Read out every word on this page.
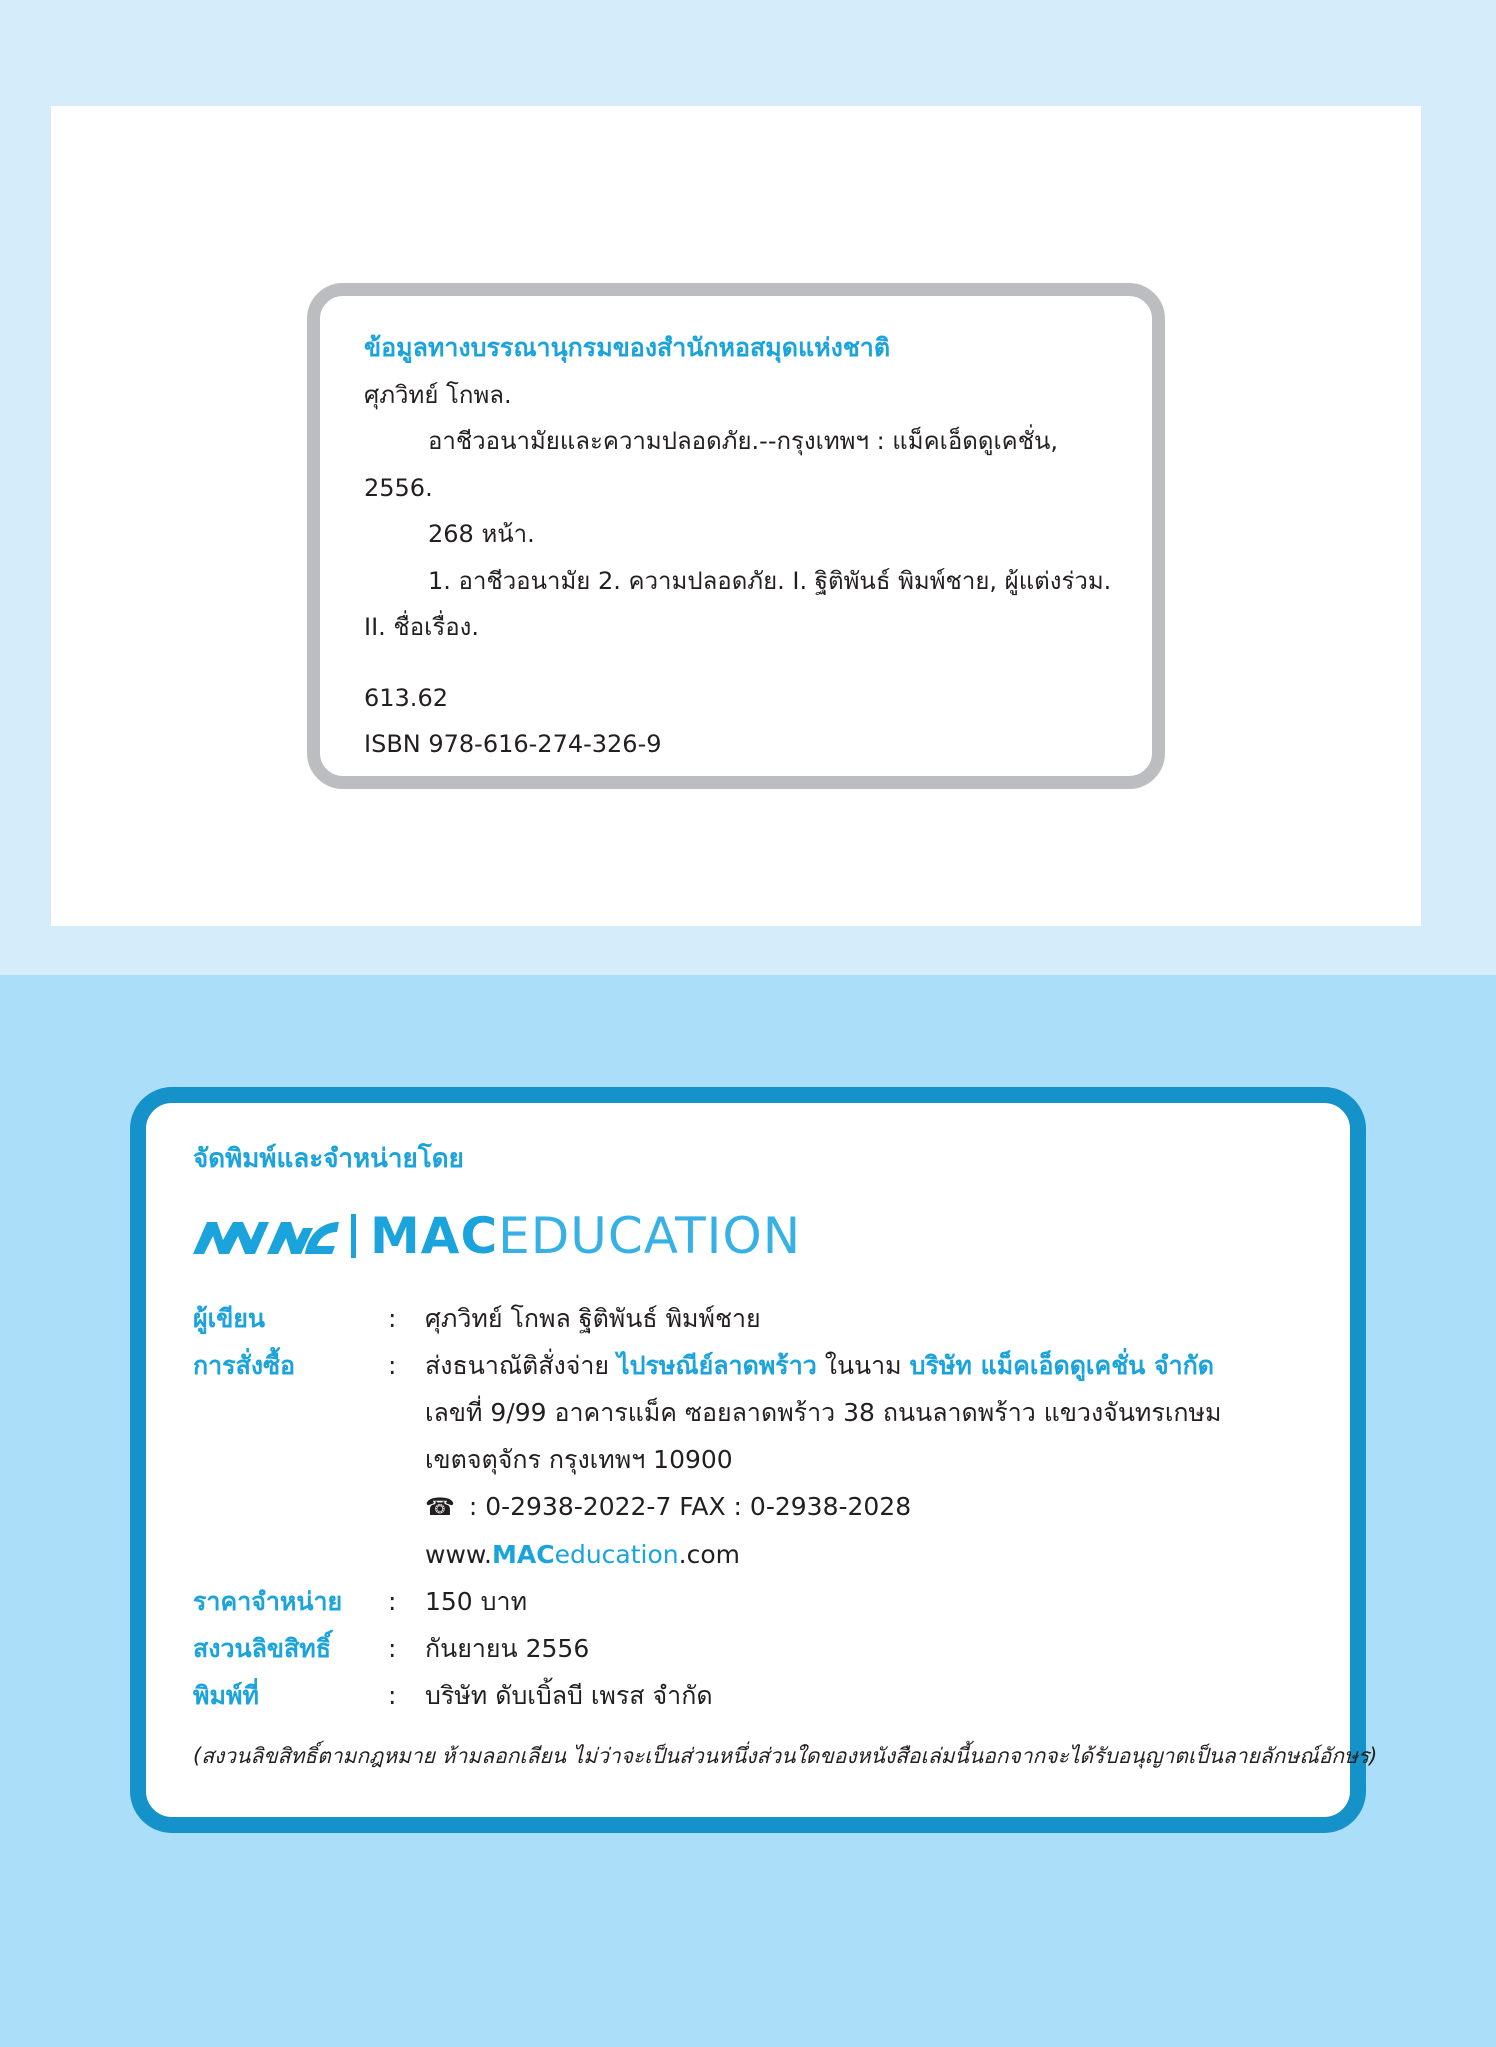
ข้อมูลทางบรรณานุกรมของสำนักหอสมุดแห่งชาติ
ศุภวิทย์ โกพล.
อาชีวอนามัยและความปลอดภัย.--กรุงเทพฯ : แม็คเอ็ดดูเคชั่น,
2556.
268 หน้า.
1. อาชีวอนามัย 2. ความปลอดภัย. I. ฐิติพันธ์ พิมพ์ชาย, ผู้แต่งร่วม.
II. ชื่อเรื่อง.
613.62
ISBN 978-616-274-326-9
จัดพิมพ์และจำหน่ายโดย
MACEDUCATION
ผู้เขียน	:	ศุภวิทย์ โกพล ฐิติพันธ์ พิมพ์ชาย
การสั่งซื้อ	:	ส่งธนาณัติสั่งจ่าย ไปรษณีย์ลาดพร้าว ในนาม บริษัท แม็คเอ็ดดูเคชั่น จำกัด
เลขที่ 9/99 อาคารแม็ค ซอยลาดพร้าว 38 ถนนลาดพร้าว แขวงจันทรเกษม
เขตจตุจักร กรุงเทพฯ 10900
☎ : 0-2938-2022-7 FAX : 0-2938-2028
www.MACeducation.com
ราคาจำหน่าย	:	150 บาท
สงวนลิขสิทธิ์	:	กันยายน 2556
พิมพ์ที่	:	บริษัท ดับเบิ้ลบี เพรส จำกัด
(สงวนลิขสิทธิ์ตามกฎหมาย ห้ามลอกเลียน ไม่ว่าจะเป็นส่วนหนึ่งส่วนใดของหนังสือเล่มนี้นอกจากจะได้รับอนุญาตเป็นลายลักษณ์อักษร)
